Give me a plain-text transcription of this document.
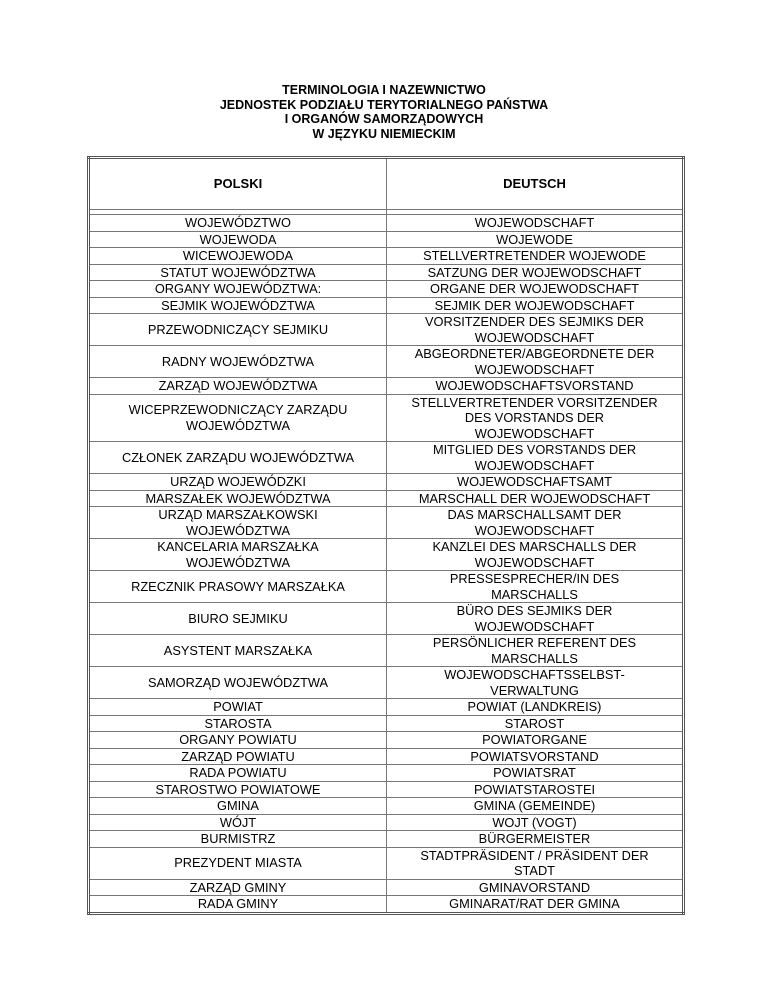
TERMINOLOGIA I NAZEWNICTWO
JEDNOSTEK PODZIAŁU TERYTORIALNEGO PAŃSTWA
I ORGANÓW SAMORZĄDOWYCH
W JĘZYKU NIEMIECKIM
POLSKI	DEUTSCH

WOJEWÓDZTWO	WOJEWODSCHAFT

WOJEWODA	WOJEWODE

WICEWOJEWODA	STELLVERTRETENDER WOJEWODE

STATUT WOJEWÓDZTWA	SATZUNG DER WOJEWODSCHAFT

ORGANY WOJEWÓDZTWA:	ORGANE DER WOJEWODSCHAFT

SEJMIK WOJEWÓDZTWA	SEJMIK DER WOJEWODSCHAFT

PRZEWODNICZĄCY SEJMIKU	VORSITZENDER DES SEJMIKS DER
WOJEWODSCHAFT

RADNY WOJEWÓDZTWA	ABGEORDNETER/ABGEORDNETE DER
WOJEWODSCHAFT

ZARZĄD WOJEWÓDZTWA	WOJEWODSCHAFTSVORSTAND

WICEPRZEWODNICZĄCY ZARZĄDU
WOJEWÓDZTWA	STELLVERTRETENDER VORSITZENDER
DES VORSTANDS DER
WOJEWODSCHAFT

CZŁONEK ZARZĄDU WOJEWÓDZTWA	MITGLIED DES VORSTANDS DER
WOJEWODSCHAFT

URZĄD WOJEWÓDZKI	WOJEWODSCHAFTSAMT

MARSZAŁEK WOJEWÓDZTWA	MARSCHALL DER WOJEWODSCHAFT

URZĄD MARSZAŁKOWSKI
WOJEWÓDZTWA	DAS MARSCHALLSAMT DER
WOJEWODSCHAFT

KANCELARIA MARSZAŁKA
WOJEWÓDZTWA	KANZLEI DES MARSCHALLS DER
WOJEWODSCHAFT

RZECZNIK PRASOWY MARSZAŁKA	PRESSESPRECHER/IN DES
MARSCHALLS

BIURO SEJMIKU	BÜRO DES SEJMIKS DER
WOJEWODSCHAFT

ASYSTENT MARSZAŁKA	PERSÖNLICHER REFERENT DES
MARSCHALLS

SAMORZĄD WOJEWÓDZTWA	WOJEWODSCHAFTSSELBST-
VERWALTUNG

POWIAT	POWIAT (LANDKREIS)

STAROSTA	STAROST

ORGANY POWIATU	POWIATORGANE

ZARZĄD POWIATU	POWIATSVORSTAND

RADA POWIATU	POWIATSRAT

STAROSTWO POWIATOWE	POWIATSTAROSTEI

GMINA	GMINA (GEMEINDE)

WÓJT	WOJT (VOGT)

BURMISTRZ	BÜRGERMEISTER

PREZYDENT MIASTA	STADTPRÄSIDENT / PRÄSIDENT DER
STADT

ZARZĄD GMINY	GMINAVORSTAND

RADA GMINY	GMINARAT/RAT DER GMINA
